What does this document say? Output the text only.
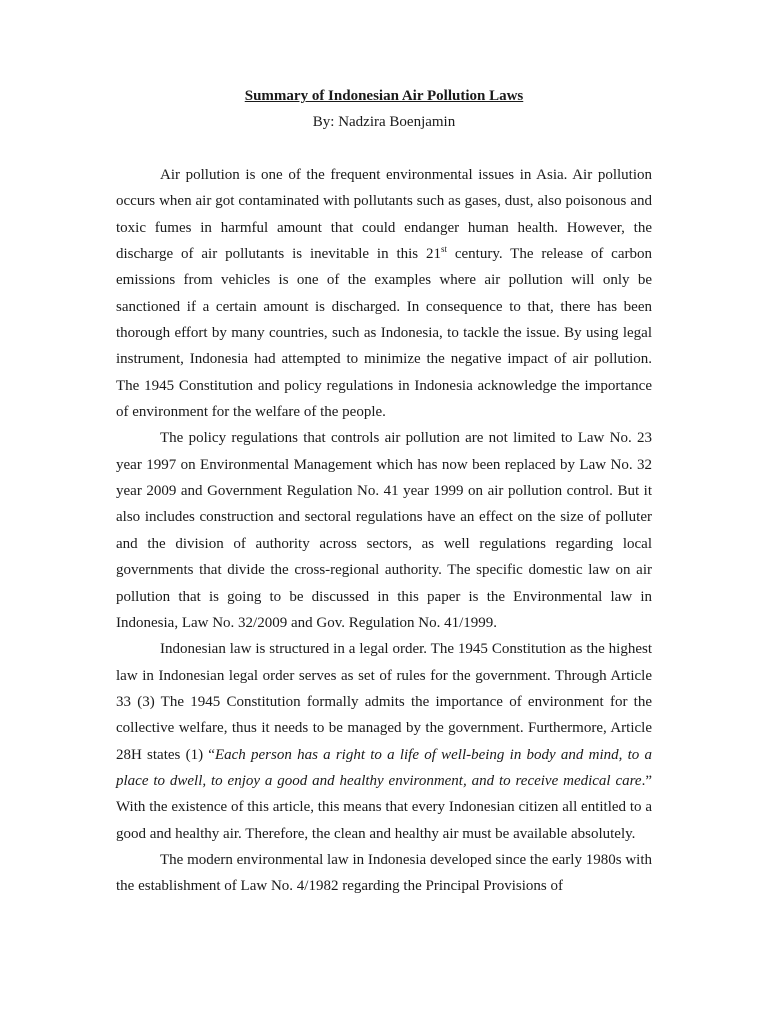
Summary of Indonesian Air Pollution Laws

By: Nadzira Boenjamin

Air pollution is one of the frequent environmental issues in Asia. Air pollution occurs when air got contaminated with pollutants such as gases, dust, also poisonous and toxic fumes in harmful amount that could endanger human health. However, the discharge of air pollutants is inevitable in this 21st century. The release of carbon emissions from vehicles is one of the examples where air pollution will only be sanctioned if a certain amount is discharged. In consequence to that, there has been thorough effort by many countries, such as Indonesia, to tackle the issue. By using legal instrument, Indonesia had attempted to minimize the negative impact of air pollution. The 1945 Constitution and policy regulations in Indonesia acknowledge the importance of environment for the welfare of the people.

The policy regulations that controls air pollution are not limited to Law No. 23 year 1997 on Environmental Management which has now been replaced by Law No. 32 year 2009 and Government Regulation No. 41 year 1999 on air pollution control. But it also includes construction and sectoral regulations have an effect on the size of polluter and the division of authority across sectors, as well regulations regarding local governments that divide the cross-regional authority. The specific domestic law on air pollution that is going to be discussed in this paper is the Environmental law in Indonesia, Law No. 32/2009 and Gov. Regulation No. 41/1999.

Indonesian law is structured in a legal order. The 1945 Constitution as the highest law in Indonesian legal order serves as set of rules for the government. Through Article 33 (3) The 1945 Constitution formally admits the importance of environment for the collective welfare, thus it needs to be managed by the government. Furthermore, Article 28H states (1) “Each person has a right to a life of well-being in body and mind, to a place to dwell, to enjoy a good and healthy environment, and to receive medical care.” With the existence of this article, this means that every Indonesian citizen all entitled to a good and healthy air. Therefore, the clean and healthy air must be available absolutely.

The modern environmental law in Indonesia developed since the early 1980s with the establishment of Law No. 4/1982 regarding the Principal Provisions of
